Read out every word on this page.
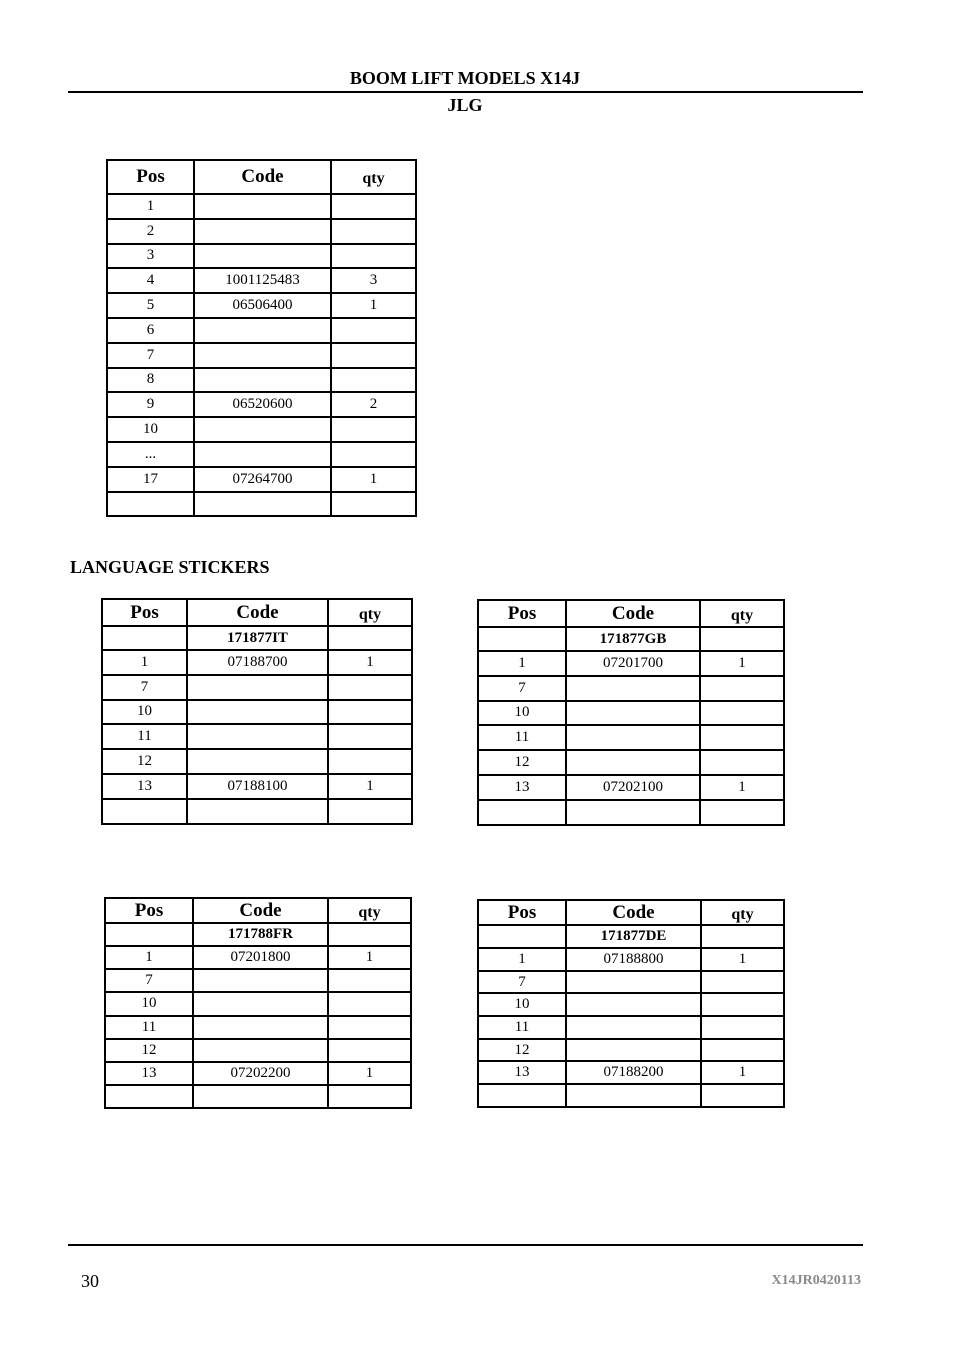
BOOM LIFT MODELS X14J
JLG
Pos	Code	qty
1		
2		
3		
4	1001125483	3
5	06506400	1
6		
7		
8		
9	06520600	2
10		
...		
17	07264700	1

LANGUAGE STICKERS
Pos	Code	qty
	171877IT	
1	07188700	1
7		
10		
11		
12		
13	07188100	1

Pos	Code	qty
	171877GB	
1	07201700	1
7		
10		
11		
12		
13	07202100	1

Pos	Code	qty
	171788FR	
1	07201800	1
7		
10		
11		
12		
13	07202200	1

Pos	Code	qty
	171877DE	
1	07188800	1
7		
10		
11		
12		
13	07188200	1

30	X14JR0420113
